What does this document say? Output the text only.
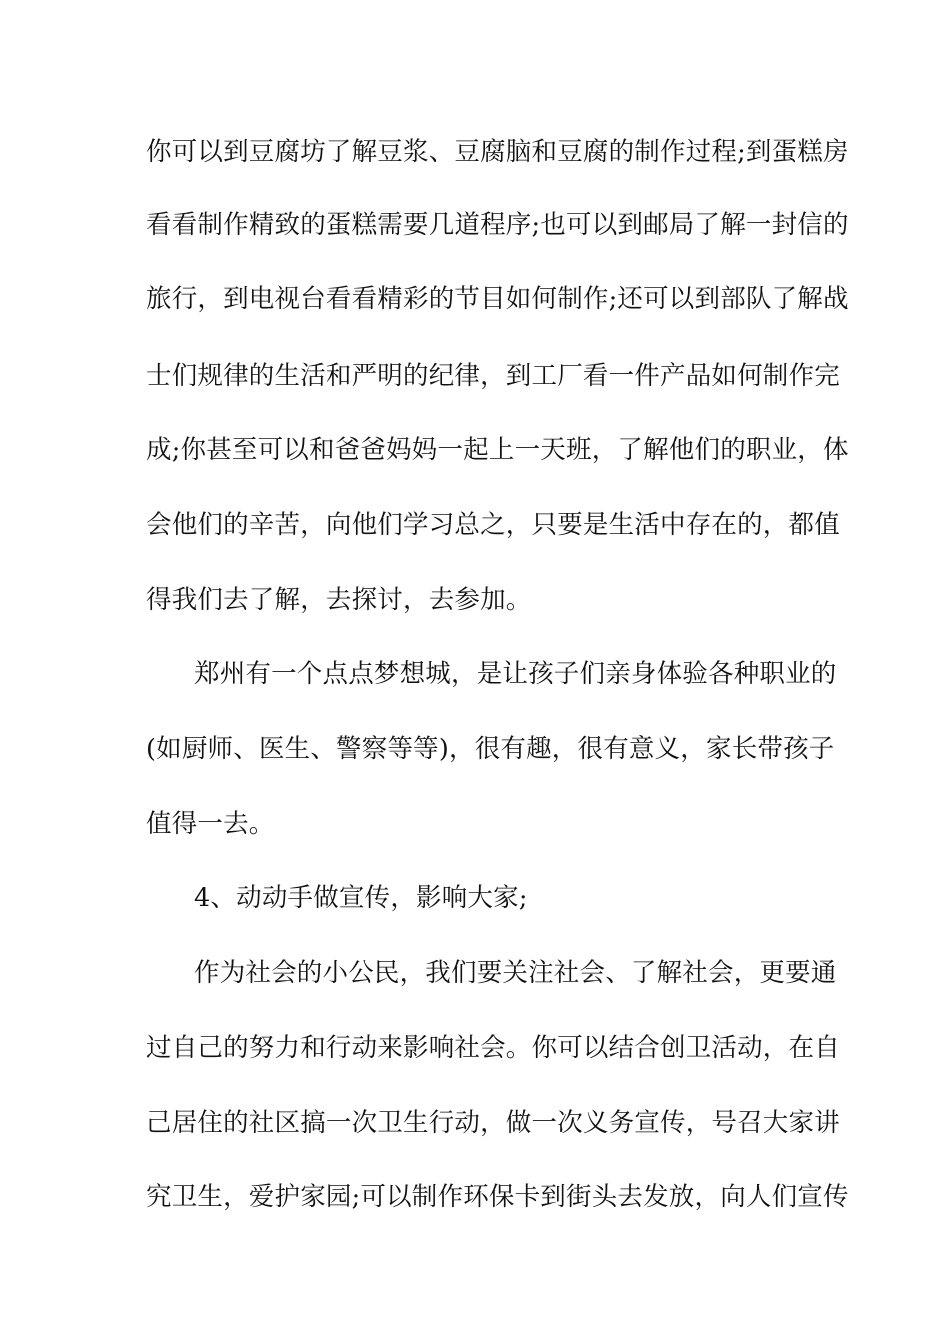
你可以到豆腐坊了解豆浆、豆腐脑和豆腐的制作过程;到蛋糕房
看看制作精致的蛋糕需要几道程序;也可以到邮局了解一封信的
旅行，到电视台看看精彩的节目如何制作;还可以到部队了解战
士们规律的生活和严明的纪律，到工厂看一件产品如何制作完
成;你甚至可以和爸爸妈妈一起上一天班，了解他们的职业，体
会他们的辛苦，向他们学习总之，只要是生活中存在的，都值
得我们去了解，去探讨，去参加。
郑州有一个点点梦想城，是让孩子们亲身体验各种职业的
(如厨师、医生、警察等等)，很有趣，很有意义，家长带孩子
值得一去。
4、动动手做宣传，影响大家;
作为社会的小公民，我们要关注社会、了解社会，更要通
过自己的努力和行动来影响社会。你可以结合创卫活动，在自
己居住的社区搞一次卫生行动，做一次义务宣传，号召大家讲
究卫生，爱护家园;可以制作环保卡到街头去发放，向人们宣传
